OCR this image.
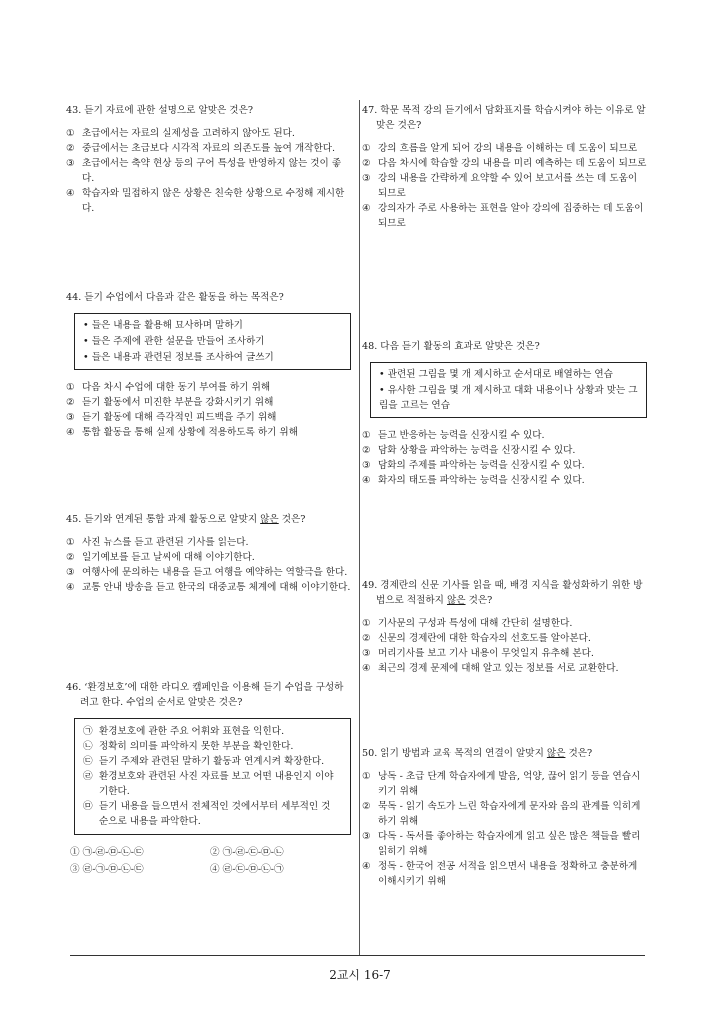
43. 듣기 자료에 관한 설명으로 알맞은 것은?

① 초급에서는 자료의 실제성을 고려하지 않아도 된다.
② 중급에서는 초급보다 시각적 자료의 의존도를 높여 개작한다.
③ 초급에서는 축약 현상 등의 구어 특성을 반영하지 않는 것이 좋다.
④ 학습자와 밀접하지 않은 상황은 친숙한 상황으로 수정해 제시한다.

44. 듣기 수업에서 다음과 같은 활동을 하는 목적은?

• 들은 내용을 활용해 묘사하며 말하기
• 들은 주제에 관한 설문을 만들어 조사하기
• 들은 내용과 관련된 정보를 조사하여 글쓰기
① 다음 차시 수업에 대한 동기 부여를 하기 위해
② 듣기 활동에서 미진한 부분을 강화시키기 위해
③ 듣기 활동에 대해 즉각적인 피드백을 주기 위해
④ 통합 활동을 통해 실제 상황에 적용하도록 하기 위해

45. 듣기와 연계된 통합 과제 활동으로 알맞지 않은 것은?

① 사진 뉴스를 듣고 관련된 기사를 읽는다.
② 일기예보를 듣고 날씨에 대해 이야기한다.
③ 여행사에 문의하는 내용을 듣고 여행을 예약하는 역할극을 한다.
④ 교통 안내 방송을 듣고 한국의 대중교통 체계에 대해 이야기한다.

46. ‘환경보호’에 대한 라디오 캠페인을 이용해 듣기 수업을 구성하려고 한다. 수업의 순서로 알맞은 것은?

㉠ 환경보호에 관한 주요 어휘와 표현을 익힌다.
㉡ 정확히 의미를 파악하지 못한 부분을 확인한다.
㉢ 듣기 주제와 관련된 말하기 활동과 연계시켜 확장한다.
㉣ 환경보호와 관련된 사진 자료를 보고 어떤 내용인지 이야기한다.
㉤ 듣기 내용을 들으면서 전체적인 것에서부터 세부적인 것 순으로 내용을 파악한다.
① ㉠-㉣-㉤-㉡-㉢	② ㉠-㉣-㉢-㉤-㉡
③ ㉣-㉠-㉤-㉡-㉢	④ ㉣-㉢-㉤-㉡-㉠

47. 학문 목적 강의 듣기에서 담화표지를 학습시켜야 하는 이유로 알맞은 것은?

① 강의 흐름을 알게 되어 강의 내용을 이해하는 데 도움이 되므로
② 다음 차시에 학습할 강의 내용을 미리 예측하는 데 도움이 되므로
③ 강의 내용을 간략하게 요약할 수 있어 보고서를 쓰는 데 도움이 되므로
④ 강의자가 주로 사용하는 표현을 알아 강의에 집중하는 데 도움이 되므로

48. 다음 듣기 활동의 효과로 알맞은 것은?

• 관련된 그림을 몇 개 제시하고 순서대로 배열하는 연습
• 유사한 그림을 몇 개 제시하고 대화 내용이나 상황과 맞는 그림을 고르는 연습
① 듣고 반응하는 능력을 신장시킬 수 있다.
② 담화 상황을 파악하는 능력을 신장시킬 수 있다.
③ 담화의 주제를 파악하는 능력을 신장시킬 수 있다.
④ 화자의 태도를 파악하는 능력을 신장시킬 수 있다.

49. 경제란의 신문 기사를 읽을 때, 배경 지식을 활성화하기 위한 방법으로 적절하지 않은 것은?

① 기사문의 구성과 특성에 대해 간단히 설명한다.
② 신문의 경제란에 대한 학습자의 선호도를 알아본다.
③ 머리기사를 보고 기사 내용이 무엇일지 유추해 본다.
④ 최근의 경제 문제에 대해 알고 있는 정보를 서로 교환한다.

50. 읽기 방법과 교육 목적의 연결이 알맞지 않은 것은?

① 낭독 - 초급 단계 학습자에게 발음, 억양, 끊어 읽기 등을 연습시키기 위해
② 묵독 - 읽기 속도가 느린 학습자에게 문자와 음의 관계를 익히게 하기 위해
③ 다독 - 독서를 좋아하는 학습자에게 읽고 싶은 많은 책들을 빨리 읽히기 위해
④ 정독 - 한국어 전공 서적을 읽으면서 내용을 정확하고 충분하게 이해시키기 위해
2교시 16-7
